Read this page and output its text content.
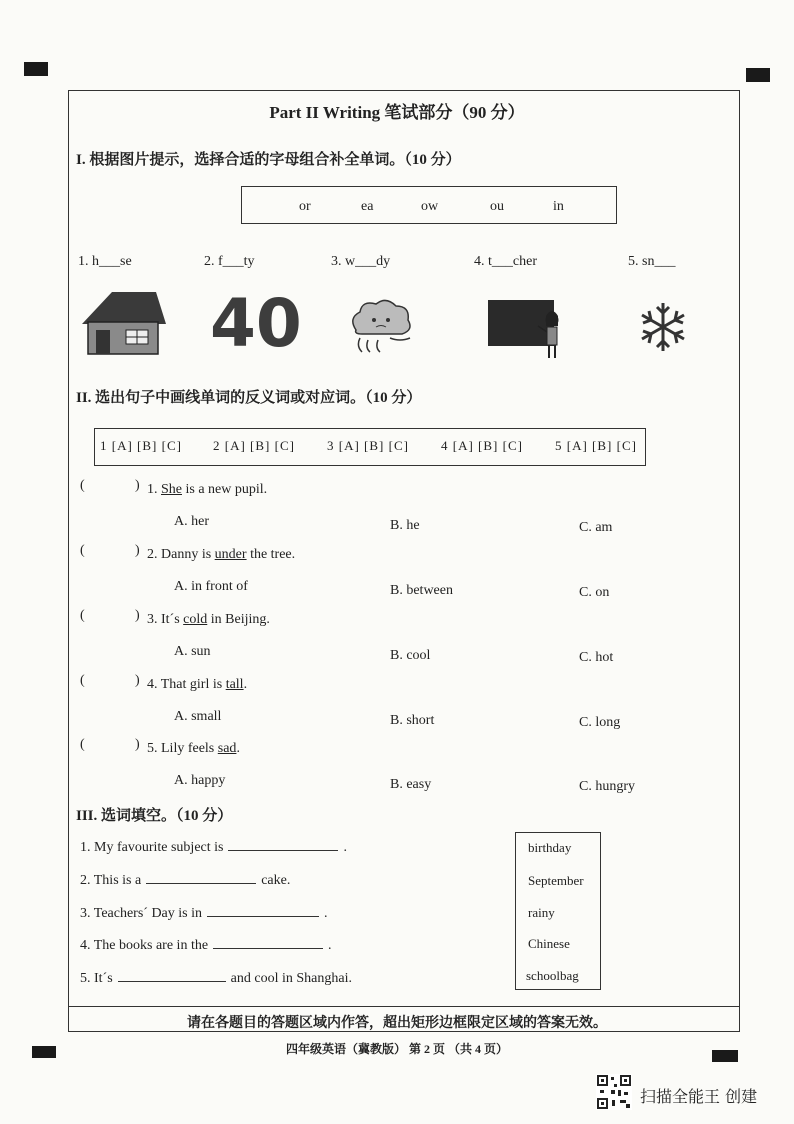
Part II Writing 笔试部分（90 分）
I. 根据图片提示，选择合适的字母组合补全单词。（10 分）
or	ea	ow	ou	in
1. h___se	2. f___ty	3. w___dy	4. t___cher	5. sn___
40
II. 选出句子中画线单词的反义词或对应词。（10 分）
1 [A] [B] [C] 2 [A] [B] [C] 3 [A] [B] [C] 4 [A] [B] [C] 5 [A] [B] [C]
(	) 1. She is a new pupil.
A. her	B. he	C. am
(	) 2. Danny is under the tree.
A. in front of	B. between	C. on
(	) 3. It´s cold in Beijing.
A. sun	B. cool	C. hot
(	) 4. That girl is tall.
A. small	B. short	C. long
(	) 5. Lily feels sad.
A. happy	B. easy	C. hungry
III. 选词填空。（10 分）
1. My favourite subject is	.
2. This is a	cake.
3. Teachers´ Day is in	.
4. The books are in the	.
5. It´s	and cool in Shanghai.
birthday
September
rainy
Chinese
schoolbag
请在各题目的答题区域内作答，超出矩形边框限定区域的答案无效。
四年级英语（冀教版） 第 2 页 （共 4 页）
扫描全能王 创建
